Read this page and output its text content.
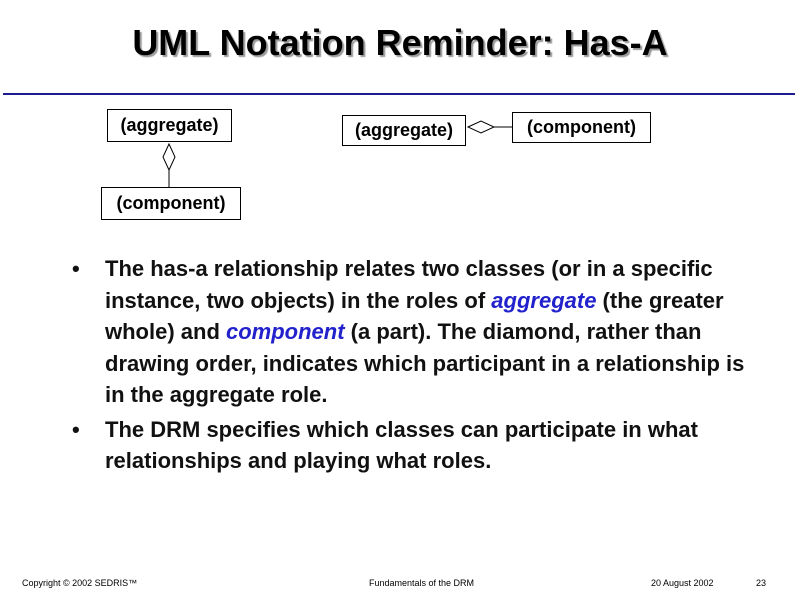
UML Notation Reminder: Has-A
(aggregate)
(component)
(aggregate)	(component)
• The has-a relationship relates two classes (or in a specific instance, two objects) in the roles of aggregate (the greater whole) and component (a part). The diamond, rather than drawing order, indicates which participant in a relationship is in the aggregate role.
• The DRM specifies which classes can participate in what relationships and playing what roles.
Copyright © 2002 SEDRIS™	Fundamentals of the DRM	20 August 2002	23
